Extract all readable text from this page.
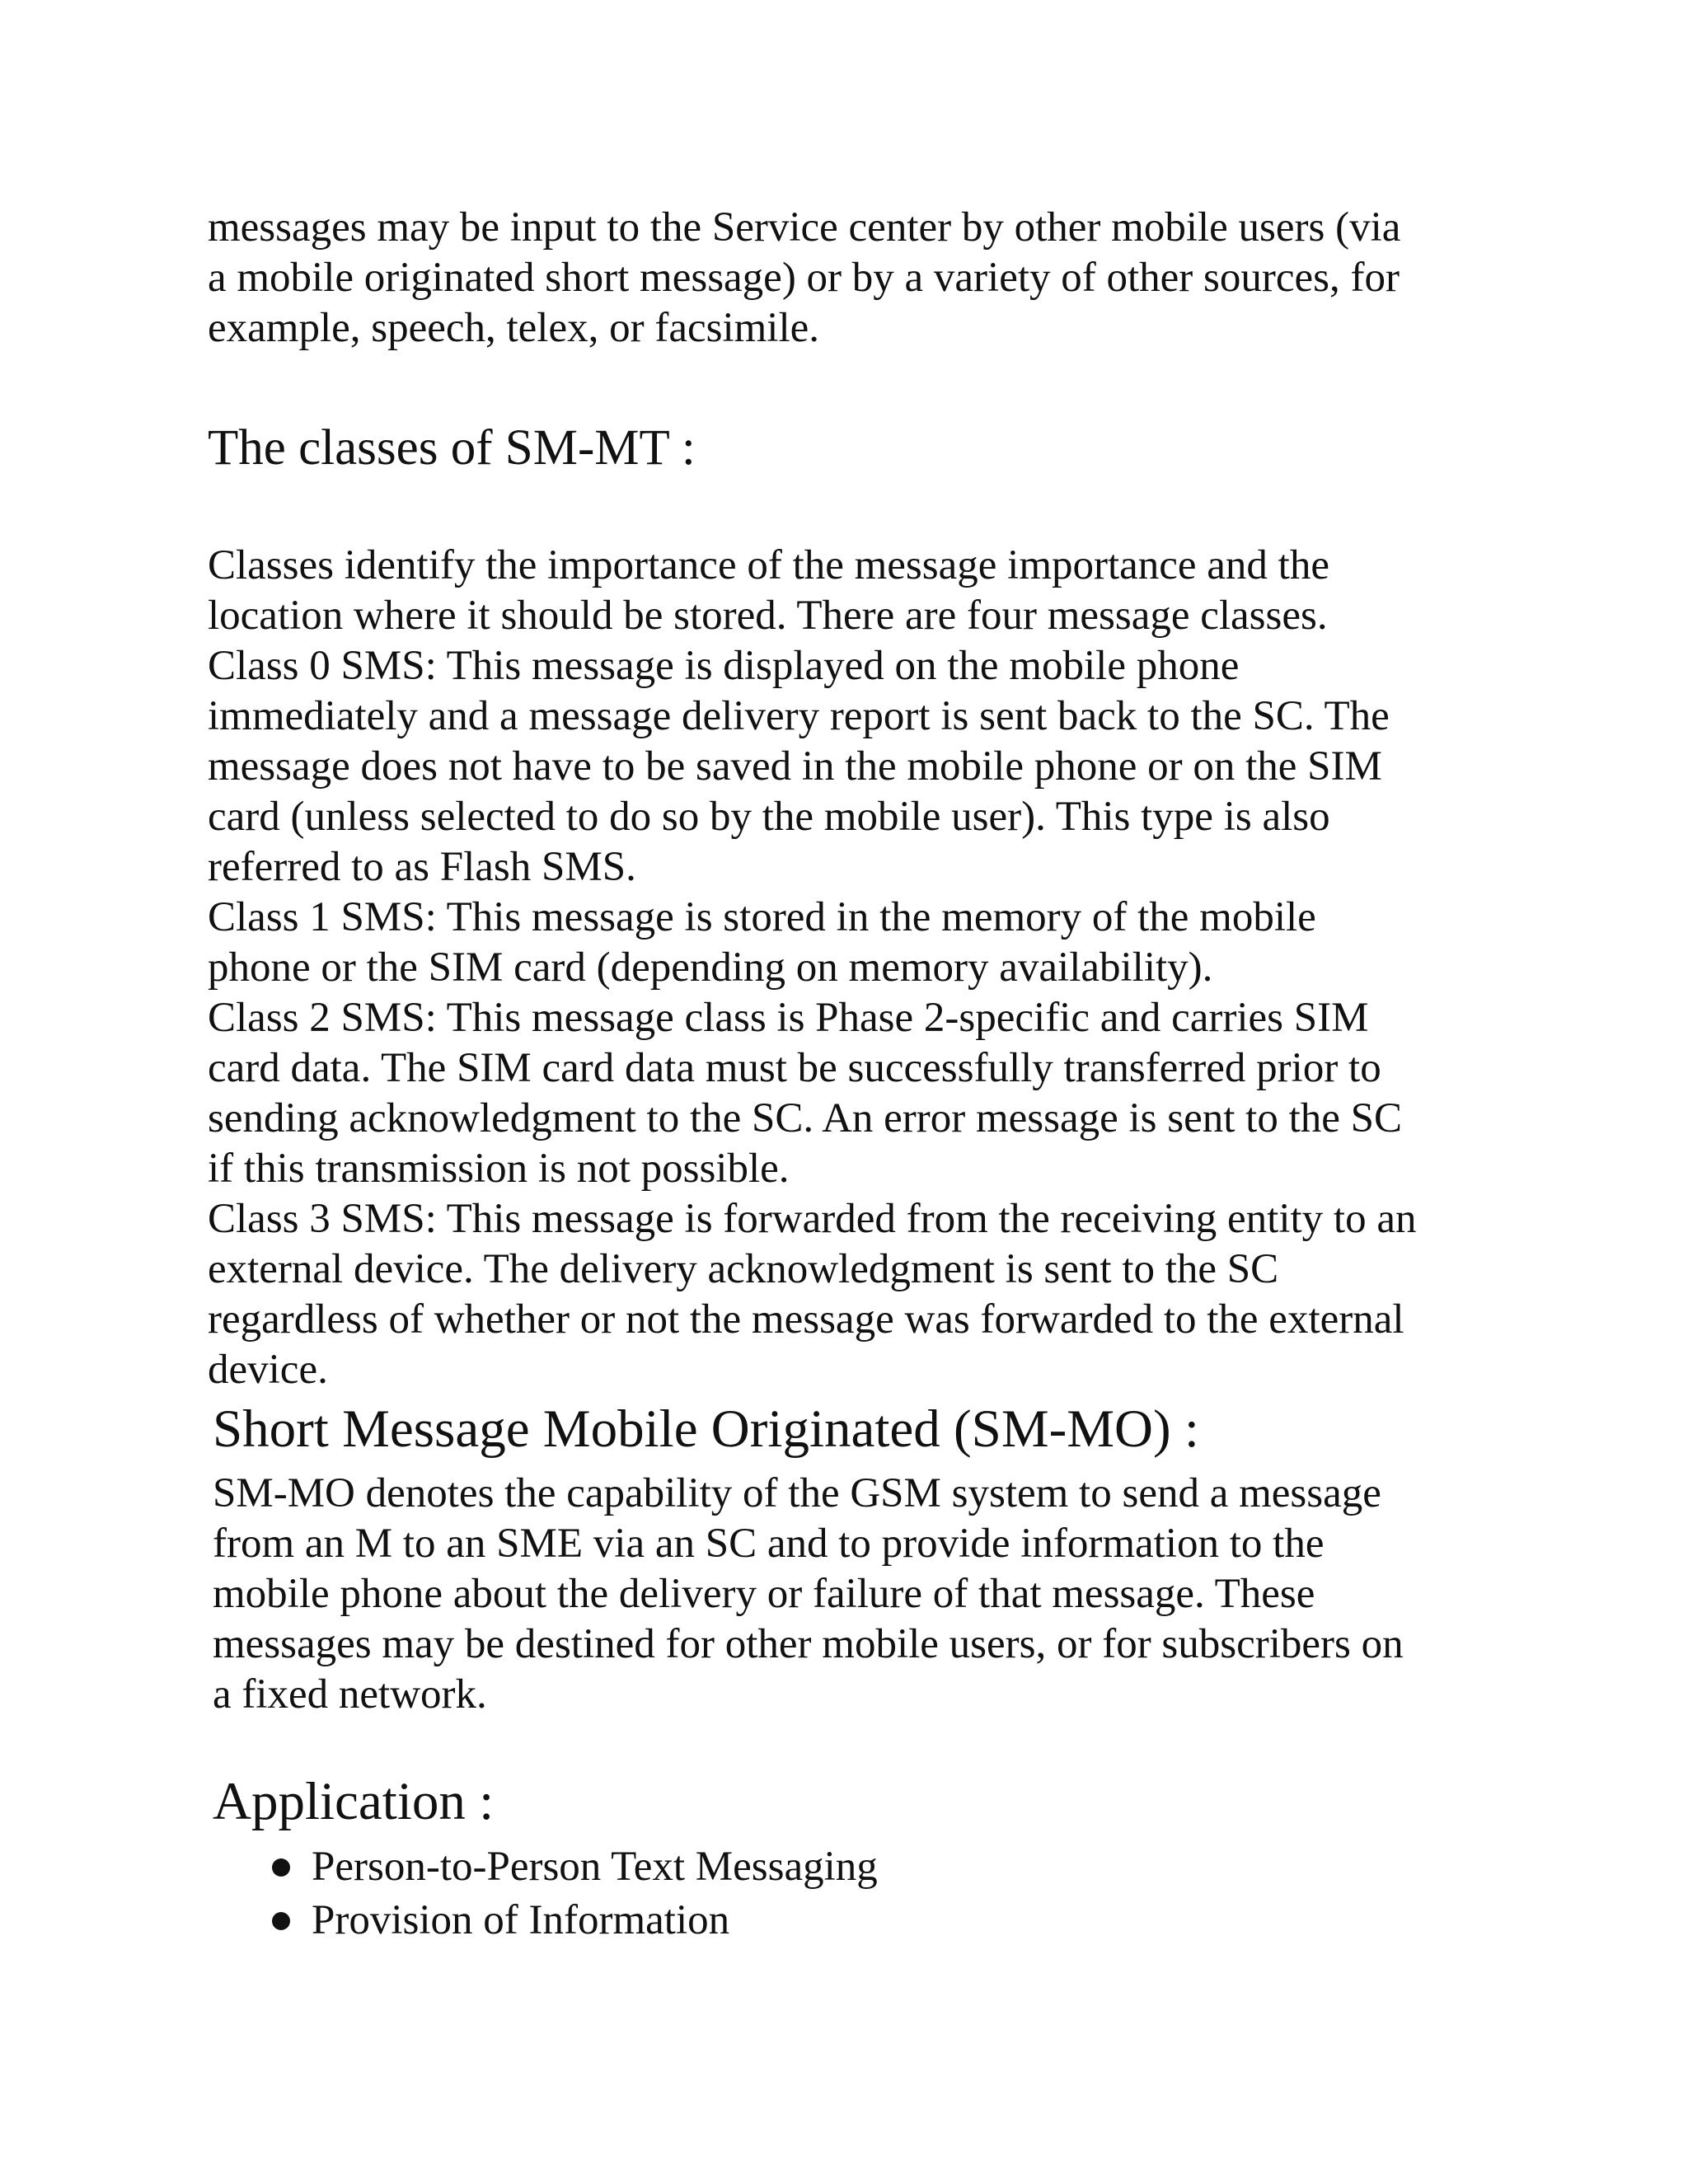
messages may be input to the Service center by other mobile users (via
a mobile originated short message) or by a variety of other sources, for
example, speech, telex, or facsimile.
The classes of SM-MT :
Classes identify the importance of the message importance and the
location where it should be stored. There are four message classes.
Class 0 SMS: This message is displayed on the mobile phone
immediately and a message delivery report is sent back to the SC. The
message does not have to be saved in the mobile phone or on the SIM
card (unless selected to do so by the mobile user). This type is also
referred to as Flash SMS.
Class 1 SMS: This message is stored in the memory of the mobile
phone or the SIM card (depending on memory availability).
Class 2 SMS: This message class is Phase 2-specific and carries SIM
card data. The SIM card data must be successfully transferred prior to
sending acknowledgment to the SC. An error message is sent to the SC
if this transmission is not possible.
Class 3 SMS: This message is forwarded from the receiving entity to an
external device. The delivery acknowledgment is sent to the SC
regardless of whether or not the message was forwarded to the external
device.
Short Message Mobile Originated (SM-MO) :
SM-MO denotes the capability of the GSM system to send a message
from an M to an SME via an SC and to provide information to the
mobile phone about the delivery or failure of that message. These
messages may be destined for other mobile users, or for subscribers on
a fixed network.
Application :
Person-to-Person Text Messaging
Provision of Information
